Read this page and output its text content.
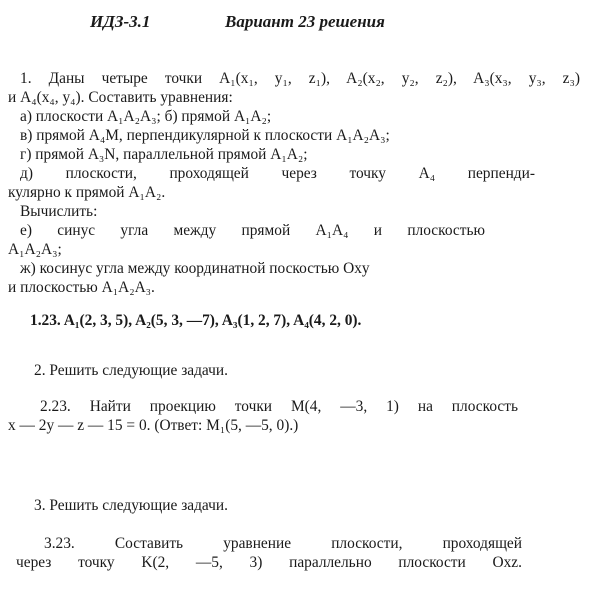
ИДЗ-3.1	Вариант 23 решения
1. Даны четыре точки A₁(x₁, y₁, z₁), A₂(x₂, y₂, z₂), A₃(x₃, y₃, z₃)
и A₄(x₄, y₄). Составить уравнения:
а) плоскости A₁A₂A₃; б) прямой A₁A₂;
в) прямой A₄M, перпендикулярной к плоскости A₁A₂A₃;
г) прямой A₃N, параллельной прямой A₁A₂;
д) плоскости, проходящей через точку A₄ перпенди-
кулярно к прямой A₁A₂.
Вычислить:
е) синус угла между прямой A₁A₄ и плоскостью
A₁A₂A₃;
ж) косинус угла между координатной поскостью Oxy
и плоскостью A₁A₂A₃.
1.23. A₁(2, 3, 5), A₂(5, 3, —7), A₃(1, 2, 7), A₄(4, 2, 0).
2. Решить следующие задачи.
2.23. Найти проекцию точки M(4, —3, 1) на плоскость
x — 2y — z — 15 = 0. (Ответ: M₁(5, —5, 0).)
3. Решить следующие задачи.
3.23. Составить уравнение плоскости, проходящей
через точку K(2, —5, 3) параллельно плоскости Oxz.
